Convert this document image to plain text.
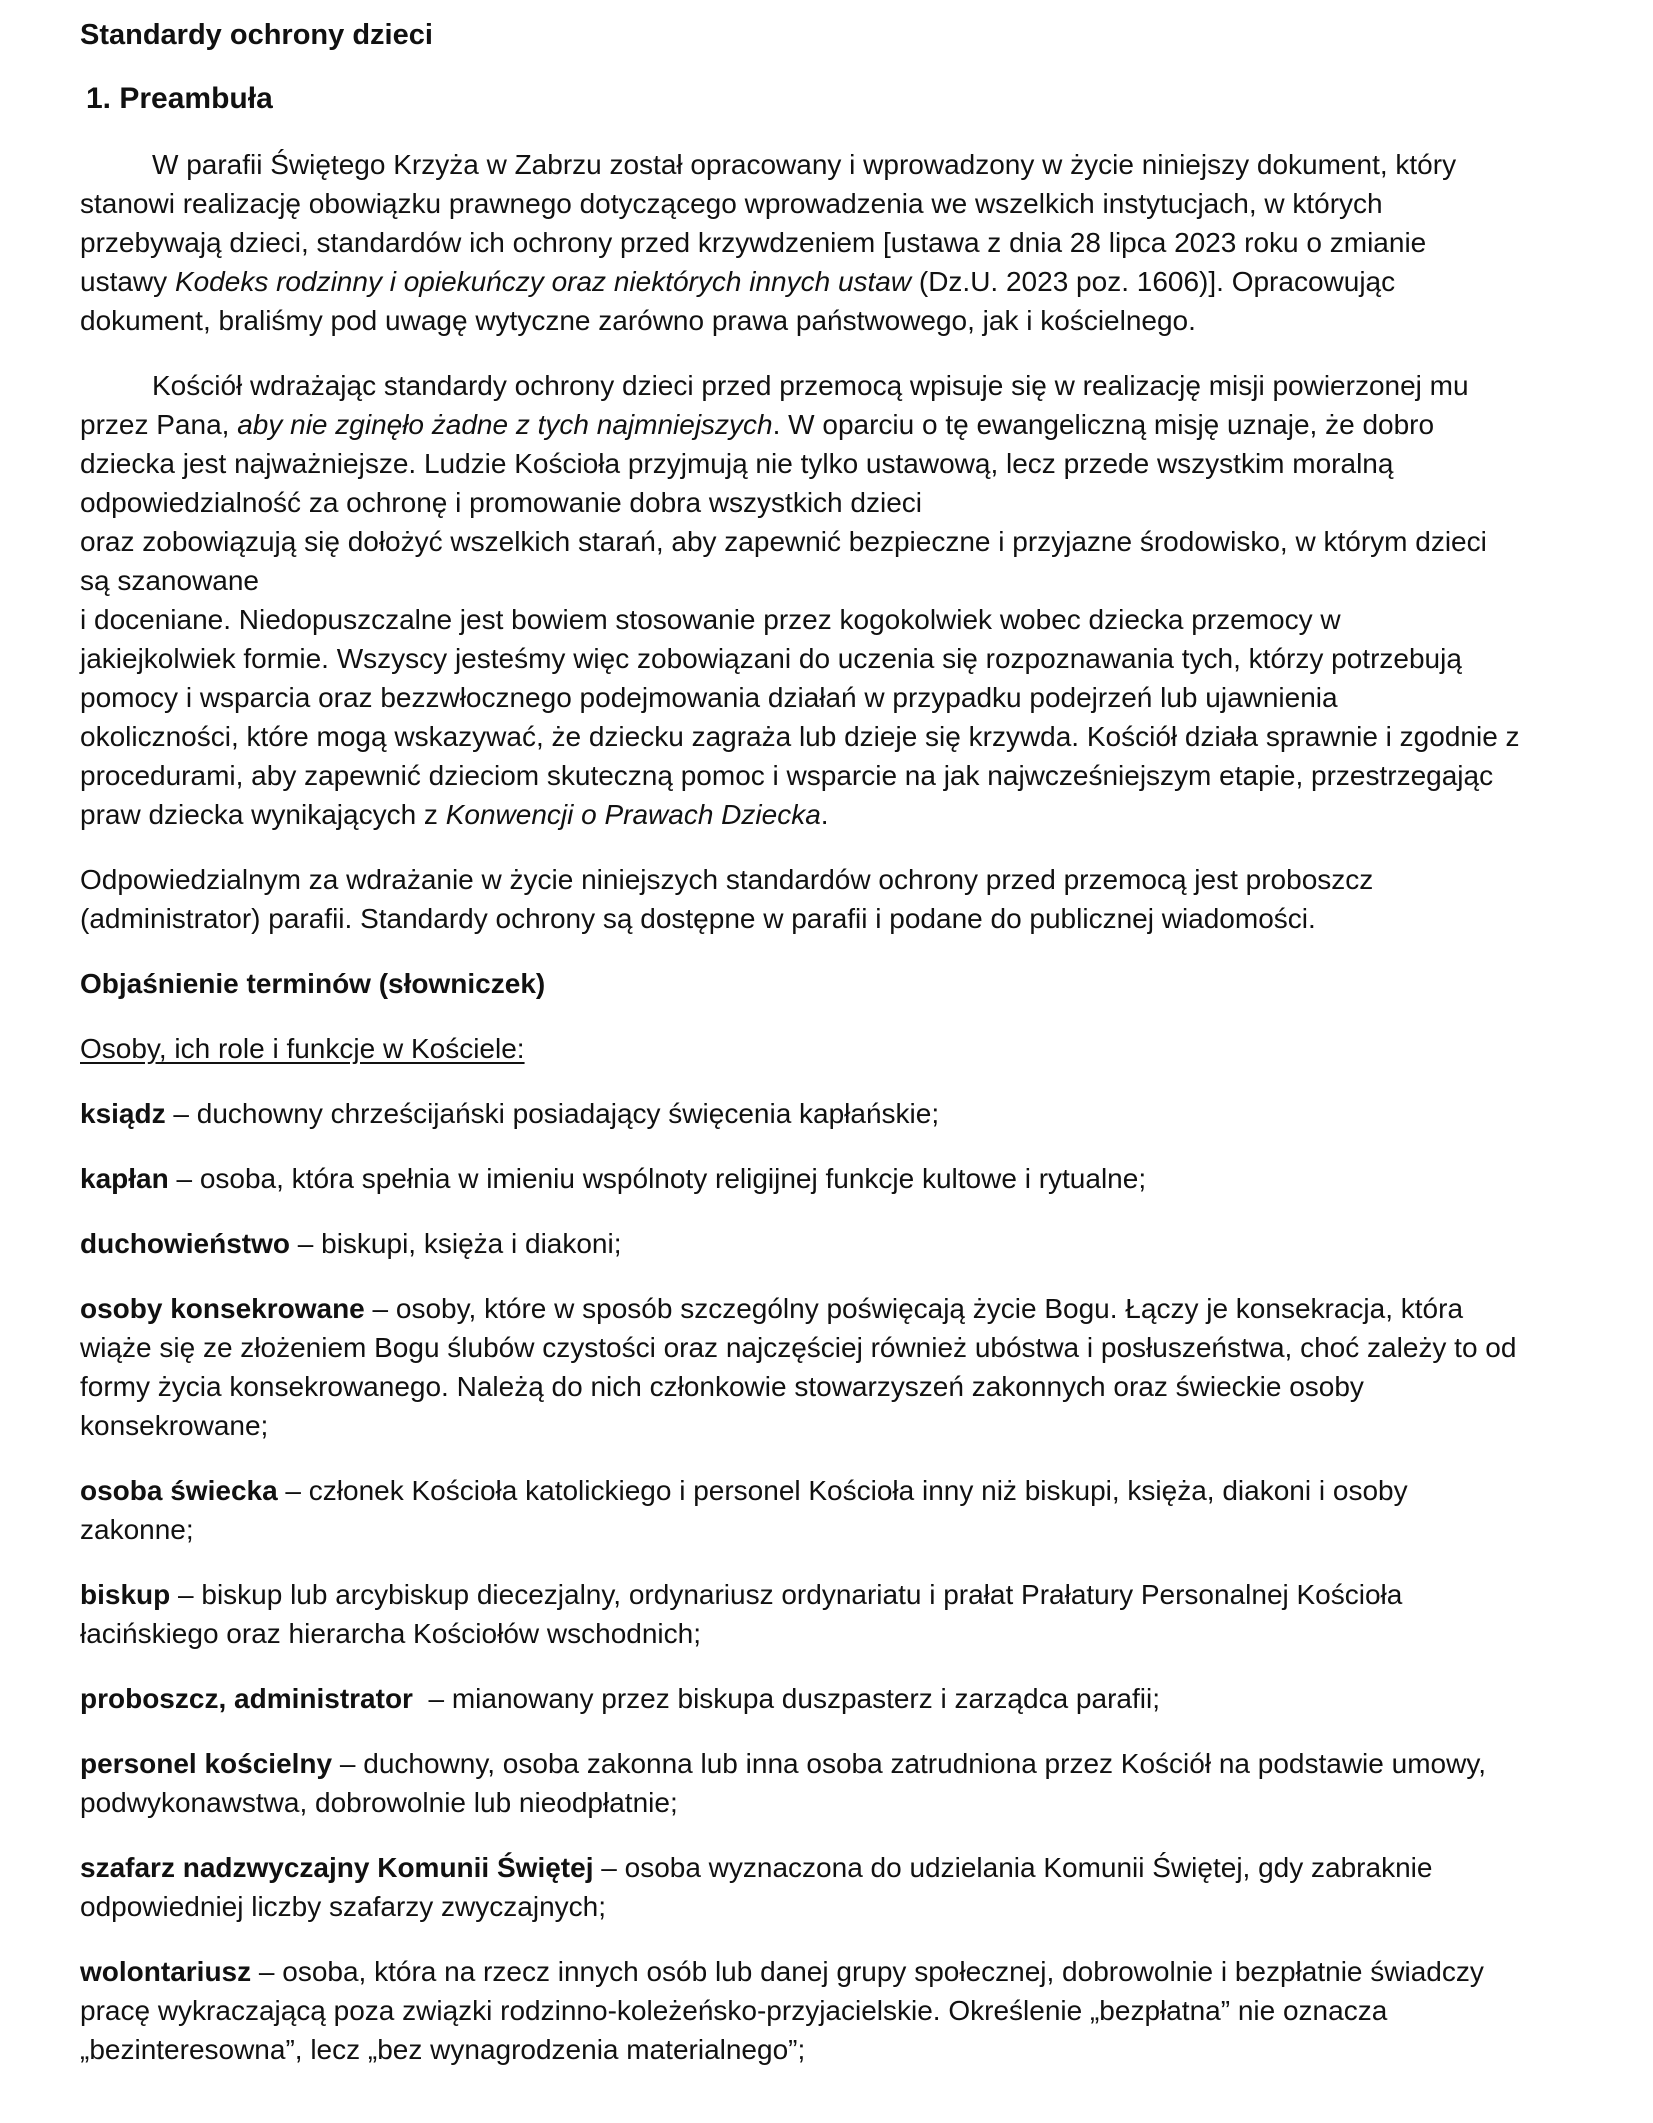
Standardy ochrony dzieci
1. Preambuła

W parafii Świętego Krzyża w Zabrzu został opracowany i wprowadzony w życie niniejszy dokument, który
stanowi realizację obowiązku prawnego dotyczącego wprowadzenia we wszelkich instytucjach, w których
przebywają dzieci, standardów ich ochrony przed krzywdzeniem [ustawa z dnia 28 lipca 2023 roku o zmianie
ustawy Kodeks rodzinny i opiekuńczy oraz niektórych innych ustaw (Dz.U. 2023 poz. 1606)]. Opracowując
dokument, braliśmy pod uwagę wytyczne zarówno prawa państwowego, jak i kościelnego.

Kościół wdrażając standardy ochrony dzieci przed przemocą wpisuje się w realizację misji powierzonej mu
przez Pana, aby nie zginęło żadne z tych najmniejszych. W oparciu o tę ewangeliczną misję uznaje, że dobro
dziecka jest najważniejsze. Ludzie Kościoła przyjmują nie tylko ustawową, lecz przede wszystkim moralną
odpowiedzialność za ochronę i promowanie dobra wszystkich dzieci
oraz zobowiązują się dołożyć wszelkich starań, aby zapewnić bezpieczne i przyjazne środowisko, w którym dzieci
są szanowane
i doceniane. Niedopuszczalne jest bowiem stosowanie przez kogokolwiek wobec dziecka przemocy w
jakiejkolwiek formie. Wszyscy jesteśmy więc zobowiązani do uczenia się rozpoznawania tych, którzy potrzebują
pomocy i wsparcia oraz bezzwłocznego podejmowania działań w przypadku podejrzeń lub ujawnienia
okoliczności, które mogą wskazywać, że dziecku zagraża lub dzieje się krzywda. Kościół działa sprawnie i zgodnie z
procedurami, aby zapewnić dzieciom skuteczną pomoc i wsparcie na jak najwcześniejszym etapie, przestrzegając
praw dziecka wynikających z Konwencji o Prawach Dziecka.

Odpowiedzialnym za wdrażanie w życie niniejszych standardów ochrony przed przemocą jest proboszcz
(administrator) parafii. Standardy ochrony są dostępne w parafii i podane do publicznej wiadomości.

Objaśnienie terminów (słowniczek)

Osoby, ich role i funkcje w Kościele:

ksiądz – duchowny chrześcijański posiadający święcenia kapłańskie;

kapłan – osoba, która spełnia w imieniu wspólnoty religijnej funkcje kultowe i rytualne;

duchowieństwo – biskupi, księża i diakoni;

osoby konsekrowane – osoby, które w sposób szczególny poświęcają życie Bogu. Łączy je konsekracja, która
wiąże się ze złożeniem Bogu ślubów czystości oraz najczęściej również ubóstwa i posłuszeństwa, choć zależy to od
formy życia konsekrowanego. Należą do nich członkowie stowarzyszeń zakonnych oraz świeckie osoby
konsekrowane;

osoba świecka – członek Kościoła katolickiego i personel Kościoła inny niż biskupi, księża, diakoni i osoby
zakonne;

biskup – biskup lub arcybiskup diecezjalny, ordynariusz ordynariatu i prałat Prałatury Personalnej Kościoła
łacińskiego oraz hierarcha Kościołów wschodnich;

proboszcz, administrator  – mianowany przez biskupa duszpasterz i zarządca parafii;

personel kościelny – duchowny, osoba zakonna lub inna osoba zatrudniona przez Kościół na podstawie umowy,
podwykonawstwa, dobrowolnie lub nieodpłatnie;

szafarz nadzwyczajny Komunii Świętej – osoba wyznaczona do udzielania Komunii Świętej, gdy zabraknie
odpowiedniej liczby szafarzy zwyczajnych;

wolontariusz – osoba, która na rzecz innych osób lub danej grupy społecznej, dobrowolnie i bezpłatnie świadczy
pracę wykraczającą poza związki rodzinno-koleżeńsko-przyjacielskie. Określenie „bezpłatna” nie oznacza
„bezinteresowna”, lecz „bez wynagrodzenia materialnego”;
